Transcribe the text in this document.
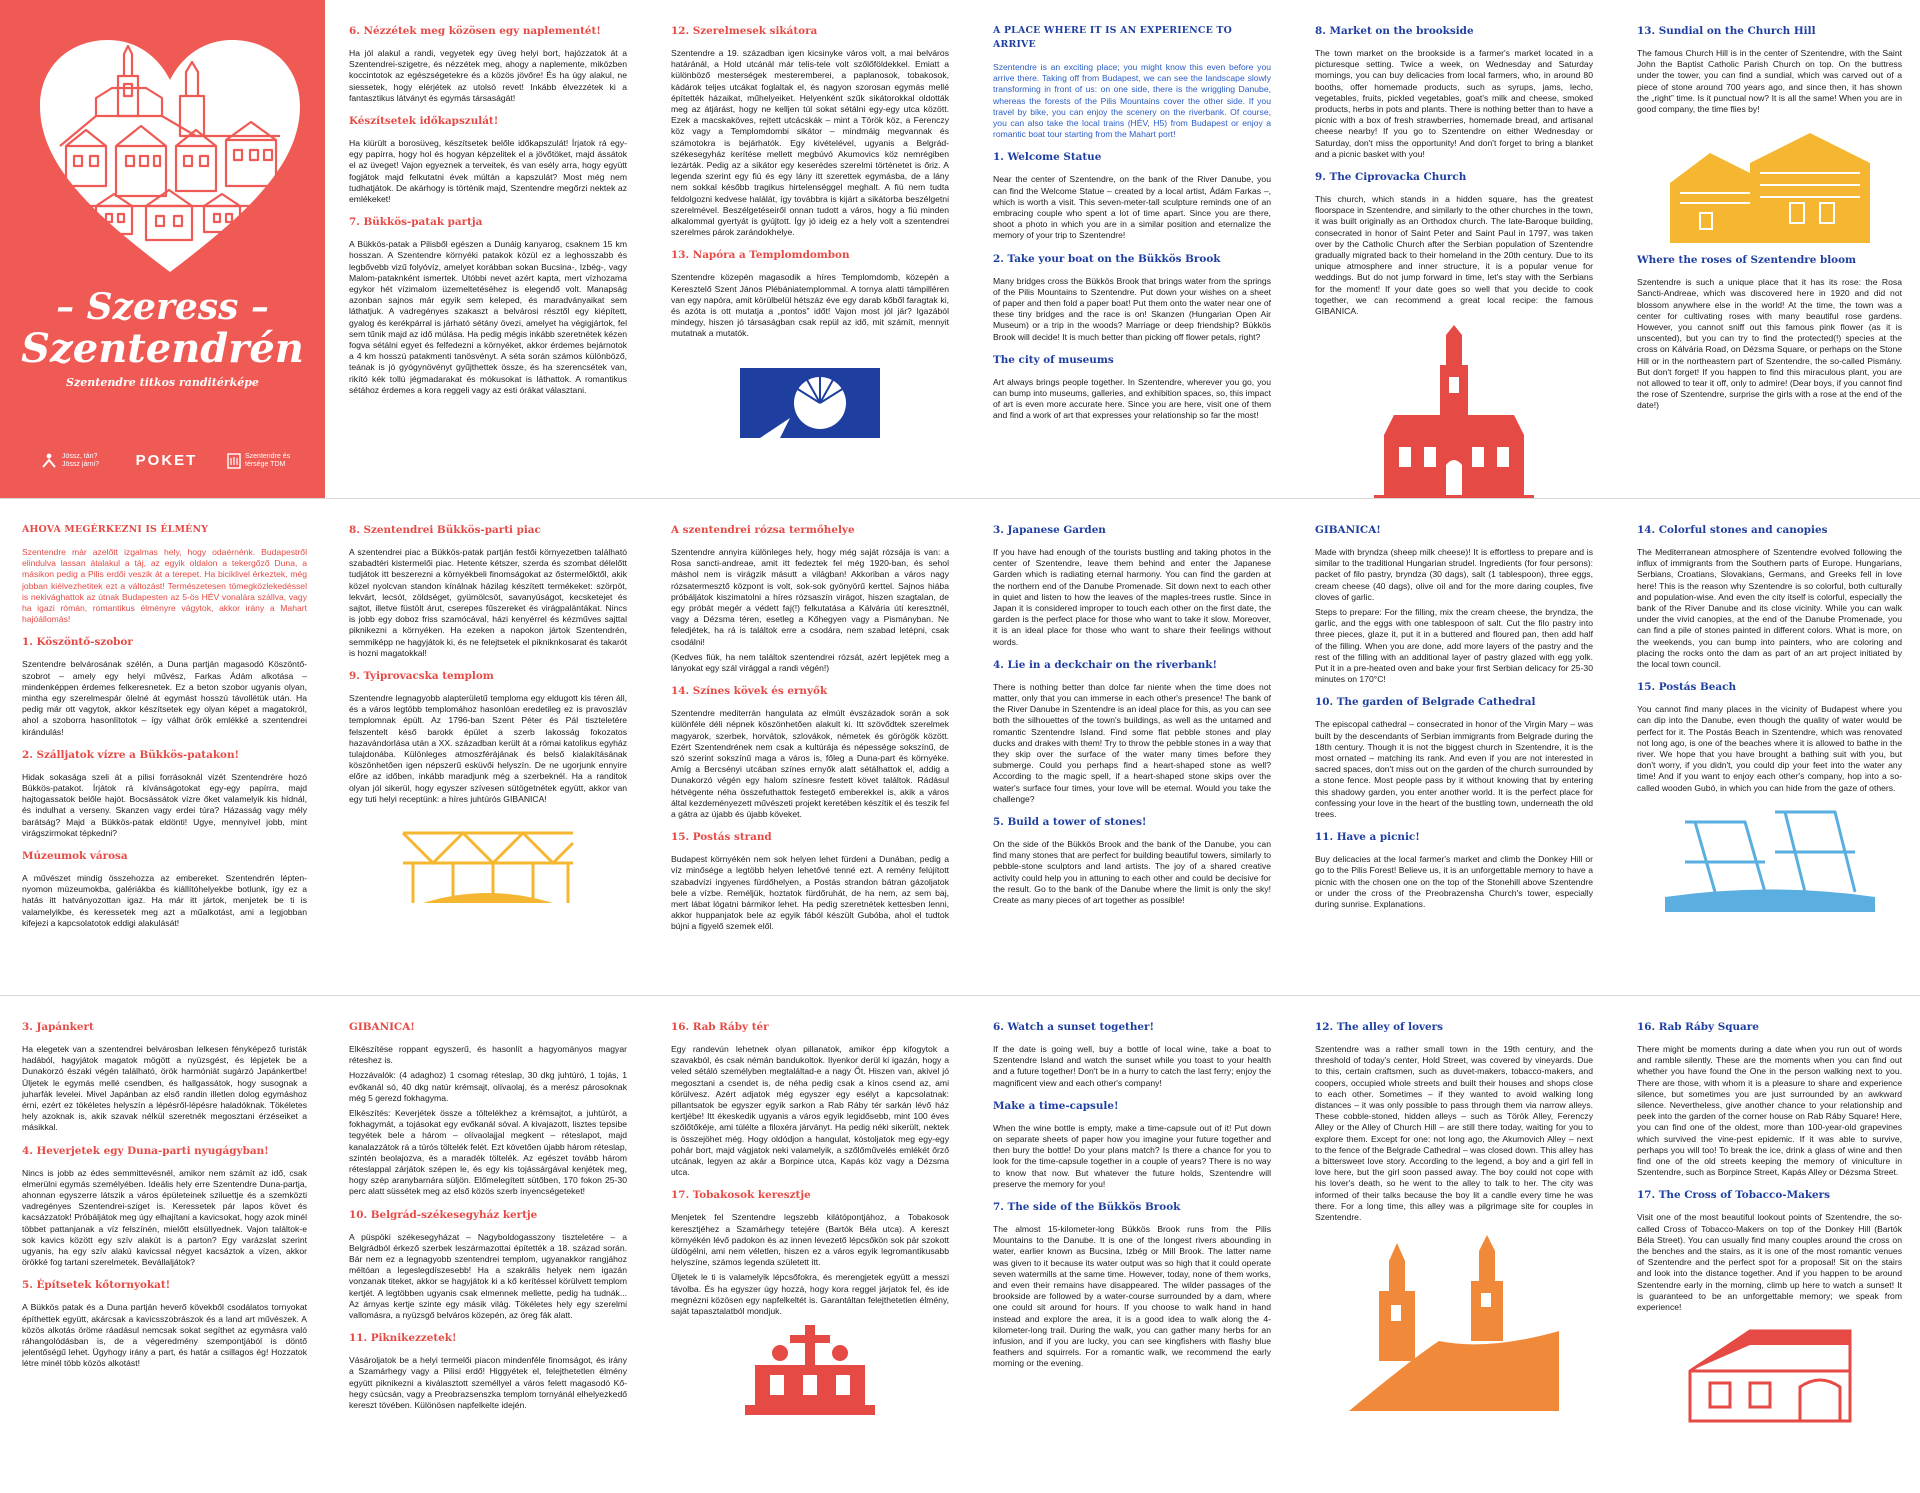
– Szeress –
Szentendrén
Szentendre titkos randitérképe
Jössz, tán? Jössz járni?	POKET	Szentendre és térsége TDM
6. Nézzétek meg közösen egy naplementét!

Ha jól alakul a randi, vegyetek egy üveg helyi bort, hajózzatok át a Szentendrei-szigetre, és nézzétek meg, ahogy a naplemente, miközben koccintotok az egészségetekre és a közös jövőre! És ha úgy alakul, ne siessetek, hogy elérjétek az utolsó revet! Inkább élvezzétek ki a fantasztikus látványt és egymás társaságát!

Készítsetek időkapszulát!

Ha kiürült a borosüveg, készítsetek belőle időkapszulát! Írjatok rá egy-egy papírra, hogy hol és hogyan képzelitek el a jövőtöket, majd ássátok el az üveget! Vajon egyeznek a terveitek, és van esély arra, hogy együtt fogjátok majd felkutatni évek múltán a kapszulát? Most még nem tudhatjátok. De akárhogy is történik majd, Szentendre megőrzi nektek az emlékeket!

7. Bükkös-patak partja

A Bükkös-patak a Pilisből egészen a Dunáig kanyarog, csaknem 15 km hosszan. A Szentendre környéki patakok közül ez a leghosszabb és legbővebb vizű folyóvíz, amelyet korábban sokan Bucsina-, Izbég-, vagy Malom-pataknként ismertek. Utóbbi nevet azért kapta, mert vízhozama egykor hét vízimalom üzemeltetéséhez is elegendő volt. Manapság azonban sajnos már egyik sem keleped, és maradványaikat sem láthatjuk. A vadregényes szakaszt a belvárosi résztől egy kiépített, gyalog és kerékpárral is járható sétány övezi, amelyet ha végigjártok, fel sem tűnik majd az idő múlása. Ha pedig mégis inkább szeretnétek kézen fogva sétálni egyet és felfedezni a környéket, akkor érdemes bejárnotok a 4 km hosszú patakmenti tanösvényt. A séta során számos különböző, teának is jó gyógynövényt gyűjthettek össze, és ha szerencsétek van, rikító kék tollú jégmadarakat és mókusokat is láthattok. A romantikus sétához érdemes a kora reggeli vagy az esti órákat választani.

12. Szerelmesek sikátora

Szentendre a 19. században igen kicsinyke város volt, a mai belváros határánál, a Hold utcánál már telis-tele volt szőlőföldekkel. Emiatt a különböző mesterségek mesteremberei, a paplanosok, tobakosok, kádárok teljes utcákat foglaltak el, és nagyon szorosan egymás mellé építették házaikat, műhelyeiket. Helyenként szűk sikátorokkal oldották meg az átjárást, hogy ne kelljen túl sokat sétálni egy-egy utca között. Ezek a macskaköves, rejtett utcácskák – mint a Török köz, a Ferenczy köz vagy a Templomdombi sikátor – mindmáig megvannak és számotokra is bejárhatók. Egy kivételével, ugyanis a Belgrád-székesegyház kerítése mellett megbúvó Akumovics köz nemrégiben lezárták. Pedig az a sikátor egy keserédes szerelmi történetet is őriz. A legenda szerint egy fiú és egy lány itt szerettek egymásba, de a lány nem sokkal később tragikus hirtelenséggel meghalt. A fiú nem tudta feldolgozni kedvese halálát, így továbbra is kijárt a sikátorba beszélgetni szerelmével. Beszélgetéseiről onnan tudott a város, hogy a fiú minden alkalommal gyertyát is gyújtott. Így jó ideig ez a hely volt a szentendrei szerelmes párok zarándokhelye.

13. Napóra a Templomdombon

Szentendre közepén magasodik a híres Templomdomb, közepén a Keresztelő Szent János Plébániatemplommal. A tornya alatti támpilléren van egy napóra, amit körülbelül hétszáz éve egy darab kőből faragtak ki, és azóta is ott mutatja a „pontos” időt! Vajon most jól jár? Igazából mindegy, hiszen jó társaságban csak repül az idő, mit számít, mennyit mutatnak a mutatók.

A PLACE WHERE IT IS AN EXPERIENCE TO ARRIVE

Szentendre is an exciting place; you might know this even before you arrive there. Taking off from Budapest, we can see the landscape slowly transforming in front of us: on one side, there is the wriggling Danube, whereas the forests of the Pilis Mountains cover the other side. If you travel by bike, you can enjoy the scenery on the riverbank. Of course, you can also take the local trains (HÉV, H5) from Budapest or enjoy a romantic boat tour starting from the Mahart port!

1. Welcome Statue

Near the center of Szentendre, on the bank of the River Danube, you can find the Welcome Statue – created by a local artist, Ádám Farkas –, which is worth a visit. This seven-meter-tall sculpture reminds one of an embracing couple who spent a lot of time apart. Since you are there, shoot a photo in which you are in a similar position and eternalize the memory of your trip to Szentendre!

2. Take your boat on the Bükkös Brook

Many bridges cross the Bükkös Brook that brings water from the springs of the Pilis Mountains to Szentendre. Put down your wishes on a sheet of paper and then fold a paper boat! Put them onto the water near one of these tiny bridges and the race is on! Skanzen (Hungarian Open Air Museum) or a trip in the woods? Marriage or deep friendship? Bükkös Brook will decide! It is much better than picking off flower petals, right?

The city of museums

Art always brings people together. In Szentendre, wherever you go, you can bump into museums, galleries, and exhibition spaces, so, this impact of art is even more accurate here. Since you are here, visit one of them and find a work of art that expresses your relationship so far the most!

8. Market on the brookside

The town market on the brookside is a farmer's market located in a picturesque setting. Twice a week, on Wednesday and Saturday mornings, you can buy delicacies from local farmers, who, in around 80 booths, offer homemade products, such as syrups, jams, lecho, vegetables, fruits, pickled vegetables, goat's milk and cheese, smoked products, herbs in pots and plants. There is nothing better than to have a picnic with a box of fresh strawberries, homemade bread, and artisanal cheese nearby! If you go to Szentendre on either Wednesday or Saturday, don't miss the opportunity! And don't forget to bring a blanket and a picnic basket with you!

9. The Ciprovacka Church

This church, which stands in a hidden square, has the greatest floorspace in Szentendre, and similarly to the other churches in the town, it was built originally as an Orthodox church. The late-Baroque building, consecrated in honor of Saint Peter and Saint Paul in 1797, was taken over by the Catholic Church after the Serbian population of Szentendre gradually migrated back to their homeland in the 20th century. Due to its unique atmosphere and inner structure, it is a popular venue for weddings. But do not jump forward in time, let's stay with the Serbians for the moment! If your date goes so well that you decide to cook together, we can recommend a great local recipe: the famous GIBANICA.

13. Sundial on the Church Hill

The famous Church Hill is in the center of Szentendre, with the Saint John the Baptist Catholic Parish Church on top. On the buttress under the tower, you can find a sundial, which was carved out of a piece of stone around 700 years ago, and since then, it has shown the „right” time. Is it punctual now? It is all the same! When you are in good company, the time flies by!

Where the roses of Szentendre bloom

Szentendre is such a unique place that it has its rose: the Rosa Sancti-Andreae, which was discovered here in 1920 and did not blossom anywhere else in the world! At the time, the town was a center for cultivating roses with many beautiful rose gardens. However, you cannot sniff out this famous pink flower (as it is unscented), but you can try to find the protected(!) species at the cross on Kálvária Road, on Dézsma Square, or perhaps on the Stone Hill or in the northeastern part of Szentendre, the so-called Pismány. But don't forget! If you happen to find this miraculous plant, you are not allowed to tear it off, only to admire! (Dear boys, if you cannot find the rose of Szentendre, surprise the girls with a rose at the end of the date!)

AHOVA MEGÉRKEZNI IS ÉLMÉNY

Szentendre már azelőtt izgalmas hely, hogy odaérnénk. Budapestről elindulva lassan átalakul a táj, az egyik oldalon a tekergőző Duna, a másikon pedig a Pilis erdői veszik át a terepet. Ha biciklivel érkeztek, még jobban kiélvezhetitek ezt a változást! Természetesen tömegközlekedéssel is nekivághattok az útnak Budapesten az 5-ös HÉV vonalára szállva, vagy ha igazi rómán, romantikus élményre vágytok, akkor irány a Mahart hajóállomás!

1. Köszöntő-szobor

Szentendre belvárosának szélén, a Duna partján magasodó Köszöntő-szobrot – amely egy helyi művész, Farkas Ádám alkotása – mindenképpen érdemes felkeresnetek. Ez a beton szobor ugyanis olyan, mintha egy szerelmespár ölelné át egymást hosszú távollétük után. Ha pedig már ott vagytok, akkor készítsetek egy olyan képet a magatokról, ahol a szoborra hasonlítotok – így válhat örök emlékké a szentendrei kirándulás!

2. Szálljatok vízre a Bükkös-patakon!

Hidak sokasága szeli át a pilisi forrásoknál vizét Szentendrére hozó Bükkös-patakot. Írjátok rá kívánságotokat egy-egy papírra, majd hajtogassatok belőle hajót. Bocsássátok vízre őket valamelyik kis hídnál, és indulhat a verseny. Skanzen vagy erdei túra? Házasság vagy mély barátság? Majd a Bükkös-patak eldönti! Ugye, mennyivel jobb, mint virágszirmokat tépkedni?

Múzeumok városa

A művészet mindig összehozza az embereket. Szentendrén lépten-nyomon múzeumokba, galériákba és kiállítóhelyekbe botlunk, így ez a hatás itt hatványozottan igaz. Ha már itt jártok, menjetek be ti is valamelyikbe, és keressetek meg azt a műalkotást, ami a legjobban kifejezi a kapcsolatotok eddigi alakulását!

8. Szentendrei Bükkös-parti piac

A szentendrei piac a Bükkös-patak partján festői környezetben található szabadtéri kistermelői piac. Hetente kétszer, szerda és szombat délelőtt tudjátok itt beszerezni a környékbeli finomságokat az őstermelőktől, akik közel nyolcvan standon kínálnak házilag készített termékeket: szörpöt, lekvárt, lecsót, zöldséget, gyümölcsöt, savanyúságot, kecsketejet és sajtot, illetve füstölt árut, cserepes fűszereket és virágpalántákat. Nincs is jobb egy doboz friss szamócával, házi kenyérrel és kézműves sajttal piknikezni a környéken. Ha ezeken a napokon jártok Szentendrén, semmiképp ne hagyjátok ki, és ne felejtsetek el pikniknkosarat és takarót is hozni magatokkal!

9. Tyiprovacska templom

Szentendre legnagyobb alapterületű temploma egy eldugott kis téren áll, és a város legtöbb templomához hasonlóan eredetileg ez is pravoszláv templomnak épült. Az 1796-ban Szent Péter és Pál tiszteletére felszentelt késő barokk épület a szerb lakosság fokozatos hazavándorlása után a XX. században került át a római katolikus egyház tulajdonába. Különleges atmoszférájának és belső kialakításának köszönhetően igen népszerű esküvői helyszín. De ne ugorjunk ennyire előre az időben, inkább maradjunk még a szerbeknél. Ha a randitok olyan jól sikerül, hogy egyszer szívesen sütögetnétek együtt, akkor van egy tuti helyi receptünk: a híres juhtúrós GIBANICA!

A szentendrei rózsa termőhelye

Szentendre annyira különleges hely, hogy még saját rózsája is van: a Rosa sancti-andreae, amit itt fedeztek fel még 1920-ban, és sehol máshol nem is virágzik másutt a világban! Akkoriban a város nagy rózsatermesztő központ is volt, sok-sok gyönyörű kerttel. Sajnos hiába próbáljátok kiszimatolni a híres rózsaszín virágot, hiszen szagtalan, de egy próbát megér a védett faj(!) felkutatása a Kálvária úti keresztnél, vagy a Dézsma téren, esetleg a Kőhegyen vagy a Pismányban. Ne feledjétek, ha rá is találtok erre a csodára, nem szabad letépni, csak csodálni!

(Kedves fiúk, ha nem találtok szentendrei rózsát, azért lepjétek meg a lányokat egy szál virággal a randi végén!)

14. Színes kövek és ernyők

Szentendre mediterrán hangulata az elmúlt évszázadok során a sok különféle déli népnek köszönhetően alakult ki. Itt szövődtek szerelmek magyarok, szerbek, horvátok, szlovákok, németek és görögök között. Ezért Szentendrének nem csak a kultúrája és népessége sokszínű, de szó szerint sokszínű maga a város is, főleg a Duna-part és környéke. Amíg a Bercsényi utcában színes ernyők alatt sétálhattok el, addig a Dunakorzó végén egy halom színesre festett követ találtok. Rádásul hétvégente néha összefuthattok festegető emberekkel is, akik a város által kezdeményezett művészeti projekt keretében készítik el és teszik fel a gátra az újabb és újabb köveket.

15. Postás strand

Budapest környékén nem sok helyen lehet fürdeni a Dunában, pedig a víz minősége a legtöbb helyen lehetővé tenné ezt. A remény felújított szabadvízi ingyenes fürdőhelyen, a Postás strandon bátran gázoljatok bele a vízbe. Reméljük, hoztatok fürdőruhát, de ha nem, az sem baj, mert lábat lógatni bármikor lehet. Ha pedig szeretnétek kettesben lenni, akkor huppanjatok bele az egyik fából készült Gubóba, ahol el tudtok bújni a figyelő szemek elől.

3. Japanese Garden

If you have had enough of the tourists bustling and taking photos in the center of Szentendre, leave them behind and enter the Japanese Garden which is radiating eternal harmony. You can find the garden at the northern end of the Danube Promenade. Sit down next to each other in quiet and listen to how the leaves of the maples-trees rustle. Since in Japan it is considered improper to touch each other on the first date, the garden is the perfect place for those who want to take it slow. Moreover, it is an ideal place for those who want to share their feelings without words.

4. Lie in a deckchair on the riverbank!

There is nothing better than dolce far niente when the time does not matter, only that you can immerse in each other's presence! The bank of the River Danube in Szentendre is an ideal place for this, as you can see both the silhouettes of the town's buildings, as well as the untamed and romantic Szentendre Island. Find some flat pebble stones and play ducks and drakes with them! Try to throw the pebble stones in a way that they skip over the surface of the water many times before they submerge. Could you perhaps find a heart-shaped stone as well? According to the magic spell, if a heart-shaped stone skips over the water's surface four times, your love will be eternal. Would you take the challenge?

5. Build a tower of stones!

On the side of the Bükkös Brook and the bank of the Danube, you can find many stones that are perfect for building beautiful towers, similarly to pebble-stone sculptors and land artists. The joy of a shared creative activity could help you in attuning to each other and could be decisive for the result. Go to the bank of the Danube where the limit is only the sky! Create as many pieces of art together as possible!

GIBANICA!

Made with bryndza (sheep milk cheese)! It is effortless to prepare and is similar to the traditional Hungarian strudel. Ingredients (for four persons): packet of filo pastry, bryndza (30 dags), salt (1 tablespoon), three eggs, cream cheese (40 dags), olive oil and for the more daring couples, five cloves of garlic.

Steps to prepare: For the filling, mix the cream cheese, the bryndza, the garlic, and the eggs with one tablespoon of salt. Cut the filo pastry into three pieces, glaze it, put it in a buttered and floured pan, then add half of the filling. When you are done, add more layers of the pastry and the rest of the filling with an additional layer of pastry glazed with egg yolk. Put it in a pre-heated oven and bake your first Serbian delicacy for 25-30 minutes on 170°C!

10. The garden of Belgrade Cathedral

The episcopal cathedral – consecrated in honor of the Virgin Mary – was built by the descendants of Serbian immigrants from Belgrade during the 18th century. Though it is not the biggest church in Szentendre, it is the most ornated – matching its rank. And even if you are not interested in sacred spaces, don't miss out on the garden of the church surrounded by a stone fence. Most people pass by it without knowing that by entering this shadowy garden, you enter another world. It is the perfect place for confessing your love in the heart of the bustling town, underneath the old trees.

11. Have a picnic!

Buy delicacies at the local farmer's market and climb the Donkey Hill or go to the Pilis Forest! Believe us, it is an unforgettable memory to have a picnic with the chosen one on the top of the Stonehill above Szentendre or under the cross of the Preobrazensha Church's tower, especially during sunrise. Explanations.

14. Colorful stones and canopies

The Mediterranean atmosphere of Szentendre evolved following the influx of immigrants from the Southern parts of Europe. Hungarians, Serbians, Croatians, Slovakians, Germans, and Greeks fell in love here! This is the reason why Szentendre is so colorful, both culturally and population-wise. And even the city itself is colorful, especially the bank of the River Danube and its close vicinity. While you can walk under the vivid canopies, at the end of the Danube Promenade, you can find a pile of stones painted in different colors. What is more, on the weekends, you can bump into painters, who are coloring and placing the rocks onto the dam as part of an art project initiated by the local town council.

15. Postás Beach

You cannot find many places in the vicinity of Budapest where you can dip into the Danube, even though the quality of water would be perfect for it. The Postás Beach in Szentendre, which was renovated not long ago, is one of the beaches where it is allowed to bathe in the river. We hope that you have brought a bathing suit with you, but don't worry, if you didn't, you could dip your feet into the water any time! And if you want to enjoy each other's company, hop into a so-called wooden Gubó, in which you can hide from the gaze of others.

3. Japánkert

Ha elegetek van a szentendrei belvárosban lelkesen fényképező turisták hadából, hagyjátok magatok mögött a nyüzsgést, és lépjetek be a Dunakorzó északi végén található, örök harmóniát sugárzó Japánkertbe! Üljetek le egymás mellé csendben, és hallgassátok, hogy susognak a juharfák levelei. Mivel Japánban az első randin illetlen dolog egymáshoz érni, ezért ez tökéletes helyszín a lépésről-lépésre haladóknak. Tökéletes hely azoknak is, akik szavak nélkül szeretnék megosztani érzéseiket a másikkal.

4. Heverjetek egy Duna-parti nyugágyban!

Nincs is jobb az édes semmittevésnél, amikor nem számít az idő, csak elmerülni egymás személyében. Ideális hely erre Szentendre Duna-partja, ahonnan egyszerre látszik a város épületeinek sziluettje és a szemközti vadregényes Szentendrei-sziget is. Keressetek pár lapos követ és kacsázzatok! Próbáljátok meg úgy elhajítani a kavicsokat, hogy azok minél többet pattanjanak a víz felszínén, mielőtt elsüllyednek. Vajon találtok-e sok kavics között egy szív alakút is a parton? Egy varázslat szerint ugyanis, ha egy szív alakú kavicssal négyet kacsáztok a vízen, akkor örökké fog tartani szerelmetek. Bevállaljátok?

5. Építsetek kőtornyokat!

A Bükkös patak és a Duna partján heverő kövekből csodálatos tornyokat építhettek együtt, akárcsak a kavicsszobrászok és a land art művészek. A közös alkotás öröme ráadásul nemcsak sokat segíthet az egymásra való ráhangolódásban is, de a végeredmény szempontjából is döntő jelentőségű lehet. Ügyhogy irány a part, és határ a csillagos ég! Hozzatok létre minél több közös alkotást!

GIBANICA!

Elkészítése roppant egyszerű, és hasonlít a hagyományos magyar réteshez is.

Hozzávalók: (4 adaghoz) 1 csomag réteslap, 30 dkg juhtúró, 1 tojás, 1 evőkanál só, 40 dkg natúr krémsajt, olívaolaj, és a merész párosoknak még 5 gerezd fokhagyma.

Elkészítés: Keverjétek össze a töltelékhez a krémsajtot, a juhtúrót, a fokhagymát, a tojásokat egy evőkanál sóval. A kivajazott, lisztes tepsibe tegyétek bele a három – olívaolajjal megkent – réteslapot, majd kanalazzátok rá a túrós töltelék felét. Ezt követően újabb három réteslap, szintén beolajozva, és a maradék töltelék. Az egészet tovább három réteslappal zárjátok szépen le, és egy kis tojássárgával kenjétek meg, hogy szép aranybarnára süljön. Előmelegített sütőben, 170 fokon 25-30 perc alatt süssétek meg az első közös szerb ínyencségeteket!

10. Belgrád-székesegyház kertje

A püspöki székesegyházat – Nagyboldogasszony tiszteletére – a Belgrádból érkező szerbek leszármazottai építették a 18. század során. Bár nem ez a legnagyobb szentendrei templom, ugyanakkor rangjához méltóan a legeslegdíszesebb! Ha a szakrális helyek nem igazán vonzanak titeket, akkor se hagyjátok ki a kő kerítéssel körülvett templom kertjét. A legtöbben ugyanis csak elmennek mellette, pedig ha tudnák... Az árnyas kertje szinte egy másik világ. Tökéletes hely egy szerelmi vallomásra, a nyüzsgő belváros közepén, az öreg fák alatt.

11. Piknikezzetek!

Vásároljatok be a helyi termelői piacon mindenféle finomságot, és irány a Szamárhegy vagy a Pilisi erdő! Higgyétek el, felejthetetlen élmény együtt piknikezni a kiválasztott személlyel a város felett magasodó Kő-hegy csúcsán, vagy a Preobrazsenszka templom tornyánál elhelyezkedő kereszt tövében. Különösen napfelkelte idején.

16. Rab Ráby tér

Egy randevún lehetnek olyan pillanatok, amikor épp kifogytok a szavakból, és csak némán bandukoltok. Ilyenkor derül ki igazán, hogy a veled sétáló személyben megtaláltad-e a nagy Őt. Hiszen van, akivel jó megosztani a csendet is, de néha pedig csak a kínos csend az, ami körülvesz. Azért adjatok még egyszer egy esélyt a kapcsolatnak: pillantsatok be egyszer egyik sarkon a Rab Ráby tér sarkán lévő ház kertjébe! Itt ékeskedik ugyanis a város egyik legidősebb, mint 100 éves szőlőtőkéje, ami túlélte a filoxéra járványt. Ha pedig néki sikerült, nektek is összejöhet még. Hogy oldódjon a hangulat, kóstoljatok meg egy-egy pohár bort, majd vágjatok neki valamelyik, a szőlőművelés emlékét őrző utcának, legyen az akár a Borpince utca, Kapás köz vagy a Dézsma utca.

17. Tobakosok keresztje

Menjetek fel Szentendre legszebb kilátópontjához, a Tobakosok keresztjéhez a Szamárhegy tetejére (Bartók Béla utca). A kereszt környékén lévő padokon és az innen levezető lépcsőkön sok pár szokott üldögélni, ami nem véletlen, hiszen ez a város egyik legromantikusabb helyszíne, számos legenda született itt.

Üljetek le ti is valamelyik lépcsőfokra, és merengjetek együtt a messzi távolba. És ha egyszer úgy hozzá, hogy kora reggel járjatok fel, és ide megnézni közösen egy napfelkeltét is. Garantáltan felejthetetlen élmény, saját tapasztalatból mondjuk.

6. Watch a sunset together!

If the date is going well, buy a bottle of local wine, take a boat to Szentendre Island and watch the sunset while you toast to your health and a future together! Don't be in a hurry to catch the last ferry; enjoy the magnificent view and each other's company!

Make a time-capsule!

When the wine bottle is empty, make a time-capsule out of it! Put down on separate sheets of paper how you imagine your future together and then bury the bottle! Do your plans match? Is there a chance for you to look for the time-capsule together in a couple of years? There is no way to know that now. But whatever the future holds, Szentendre will preserve the memory for you!

7. The side of the Bükkös Brook

The almost 15-kilometer-long Bükkös Brook runs from the Pilis Mountains to the Danube. It is one of the longest rivers abounding in water, earlier known as Bucsina, Izbég or Mill Brook. The latter name was given to it because its water output was so high that it could operate seven watermills at the same time. However, today, none of them works, and even their remains have disappeared. The wilder passages of the brookside are followed by a water-course surrounded by a dam, where one could sit around for hours. If you choose to walk hand in hand instead and explore the area, it is a good idea to walk along the 4-kilometer-long trail. During the walk, you can gather many herbs for an infusion, and if you are lucky, you can see kingfishers with flashy blue feathers and squirrels. For a romantic walk, we recommend the early morning or the evening.

12. The alley of lovers

Szentendre was a rather small town in the 19th century, and the threshold of today's center, Hold Street, was covered by vineyards. Due to this, certain craftsmen, such as duvet-makers, tobacco-makers, and coopers, occupied whole streets and built their houses and shops close to each other. Sometimes – if they wanted to avoid walking long distances – it was only possible to pass through them via narrow alleys. These cobble-stoned, hidden alleys – such as Török Alley, Ferenczy Alley or the Alley of Church Hill – are still there today, waiting for you to explore them. Except for one: not long ago, the Akumovich Alley – next to the fence of the Belgrade Cathedral – was closed down. This alley has a bittersweet love story. According to the legend, a boy and a girl fell in love here, but the girl soon passed away. The boy could not cope with his lover's death, so he went to the alley to talk to her. The city was informed of their talks because the boy lit a candle every time he was there. For a long time, this alley was a pilgrimage site for couples in Szentendre.

16. Rab Ráby Square

There might be moments during a date when you run out of words and ramble silently. These are the moments when you can find out whether you have found the One in the person walking next to you. There are those, with whom it is a pleasure to share and experience silence, but sometimes you are just surrounded by an awkward silence. Nevertheless, give another chance to your relationship and peek into the garden of the corner house on Rab Ráby Square! Here, you can find one of the oldest, more than 100-year-old grapevines which survived the vine-pest epidemic. If it was able to survive, perhaps you will too! To break the ice, drink a glass of wine and then find one of the old streets keeping the memory of viniculture in Szentendre, such as Borpince Street, Kapás Alley or Dézsma Street.

17. The Cross of Tobacco-Makers

Visit one of the most beautiful lookout points of Szentendre, the so-called Cross of Tobacco-Makers on top of the Donkey Hill (Bartók Béla Street). You can usually find many couples around the cross on the benches and the stairs, as it is one of the most romantic venues of Szentendre and the perfect spot for a proposal! Sit on the stairs and look into the distance together. And if you happen to be around Szentendre early in the morning, climb up here to watch a sunset! It is guaranteed to be an unforgettable memory; we speak from experience!
